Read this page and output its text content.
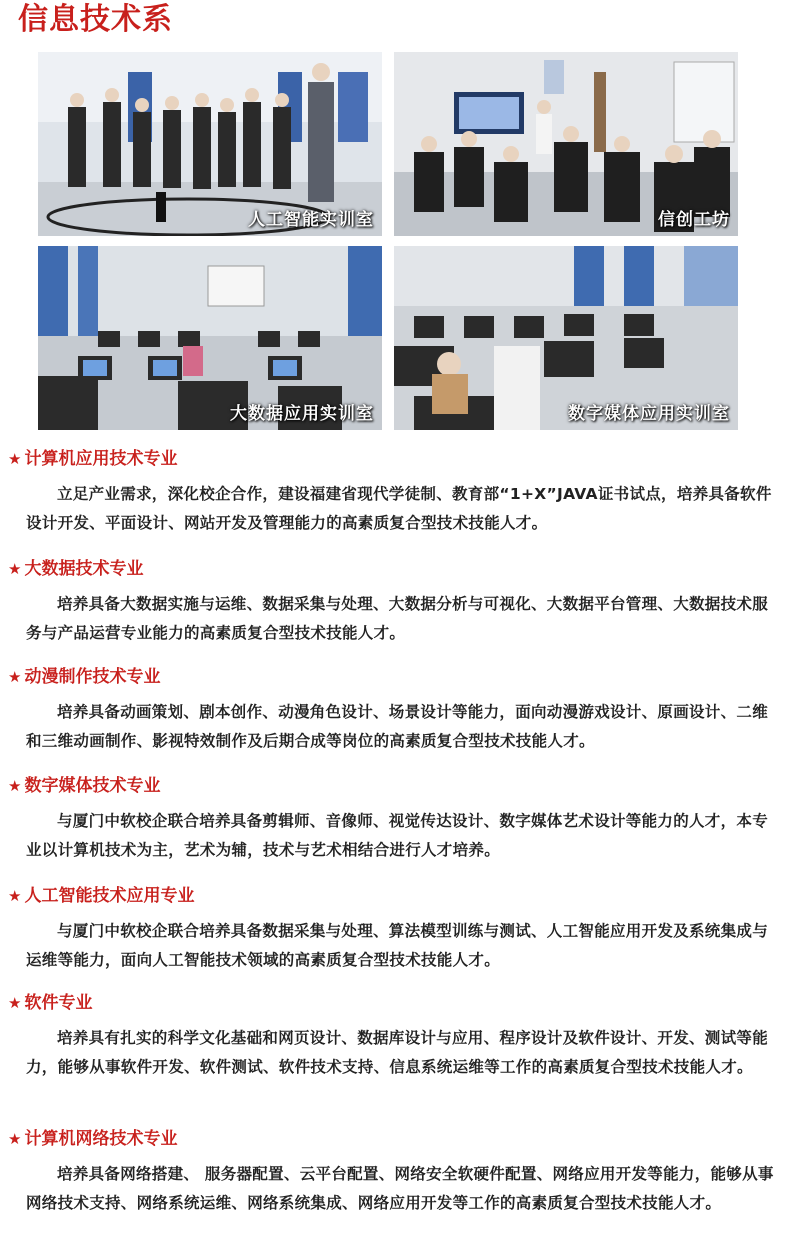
信息技术系
人工智能实训室	信创工坊
大数据应用实训室	数字媒体应用实训室
★ 计算机应用技术专业
立足产业需求，深化校企合作，建设福建省现代学徒制、教育部“1+X”JAVA证书试点，培养具备软件设计开发、平面设计、网站开发及管理能力的高素质复合型技术技能人才。
★ 大数据技术专业
培养具备大数据实施与运维、数据采集与处理、大数据分析与可视化、大数据平台管理、大数据技术服务与产品运营专业能力的高素质复合型技术技能人才。
★ 动漫制作技术专业
培养具备动画策划、剧本创作、动漫角色设计、场景设计等能力，面向动漫游戏设计、原画设计、二维和三维动画制作、影视特效制作及后期合成等岗位的高素质复合型技术技能人才。
★ 数字媒体技术专业
与厦门中软校企联合培养具备剪辑师、音像师、视觉传达设计、数字媒体艺术设计等能力的人才，本专业以计算机技术为主，艺术为辅，技术与艺术相结合进行人才培养。
★ 人工智能技术应用专业
与厦门中软校企联合培养具备数据采集与处理、算法模型训练与测试、人工智能应用开发及系统集成与运维等能力，面向人工智能技术领域的高素质复合型技术技能人才。
★ 软件专业
培养具有扎实的科学文化基础和网页设计、数据库设计与应用、程序设计及软件设计、开发、测试等能力，能够从事软件开发、软件测试、软件技术支持、信息系统运维等工作的高素质复合型技术技能人才。
★ 计算机网络技术专业
培养具备网络搭建、 服务器配置、云平台配置、网络安全软硬件配置、网络应用开发等能力，能够从事网络技术支持、网络系统运维、网络系统集成、网络应用开发等工作的高素质复合型技术技能人才。
